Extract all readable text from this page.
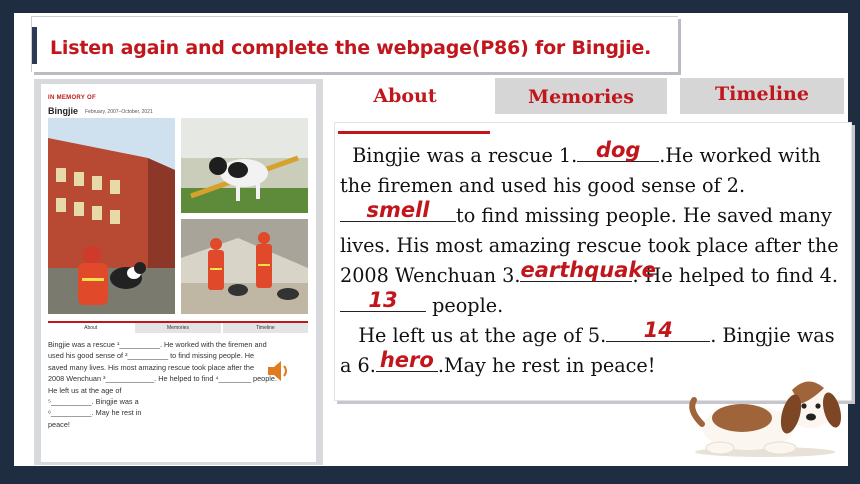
Listen again and complete the webpage(P86) for Bingjie.
IN MEMORY OF
Bingjie February, 2007–October, 2021
About	Memories	Timeline
Bingjie was a rescue ¹__________. He worked with the firemen and
used his good sense of ²__________ to find missing people. He
saved many lives. His most amazing rescue took place after the
2008 Wenchuan ³____________. He helped to find ⁴________ people.
He left us at the age of
⁵__________. Bingjie was a
⁶__________. May he rest in
peace!
About	Memories	Timeline
Bingjie was a rescue 1. dog .He worked with the firemen and used his good sense of 2.
smell	to find missing people. He saved many lives. His most amazing rescue took place after the 2008 Wenchuan 3. earthquake
. He helped to find 4.
13	people.
He left us at the age of 5.	14	. Bingjie was a 6. hero .May he rest in peace!
